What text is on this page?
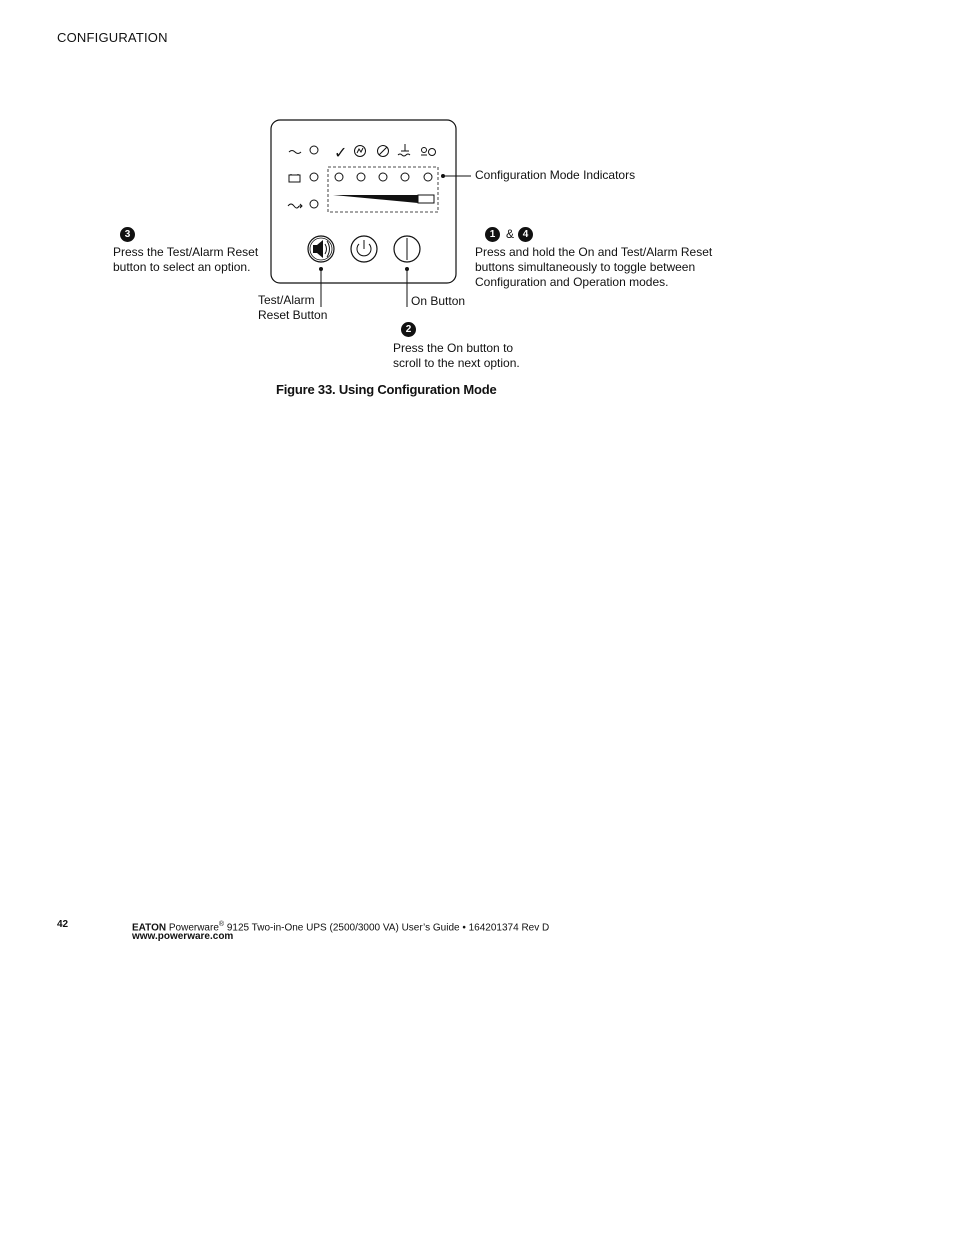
CONFIGURATION
✓
Configuration Mode Indicators
Test/Alarm
Reset Button
On Button
3
Press the Test/Alarm Reset
button to select an option.
1 & 4
Press and hold the On and Test/Alarm Reset
buttons simultaneously to toggle between
Configuration and Operation modes.
2
Press the On button to
scroll to the next option.
Figure 33. Using Configuration Mode
42	EATON Powerware® 9125 Two-in-One UPS (2500/3000 VA) User’s Guide • 164201374 Rev D
www.powerware.com
